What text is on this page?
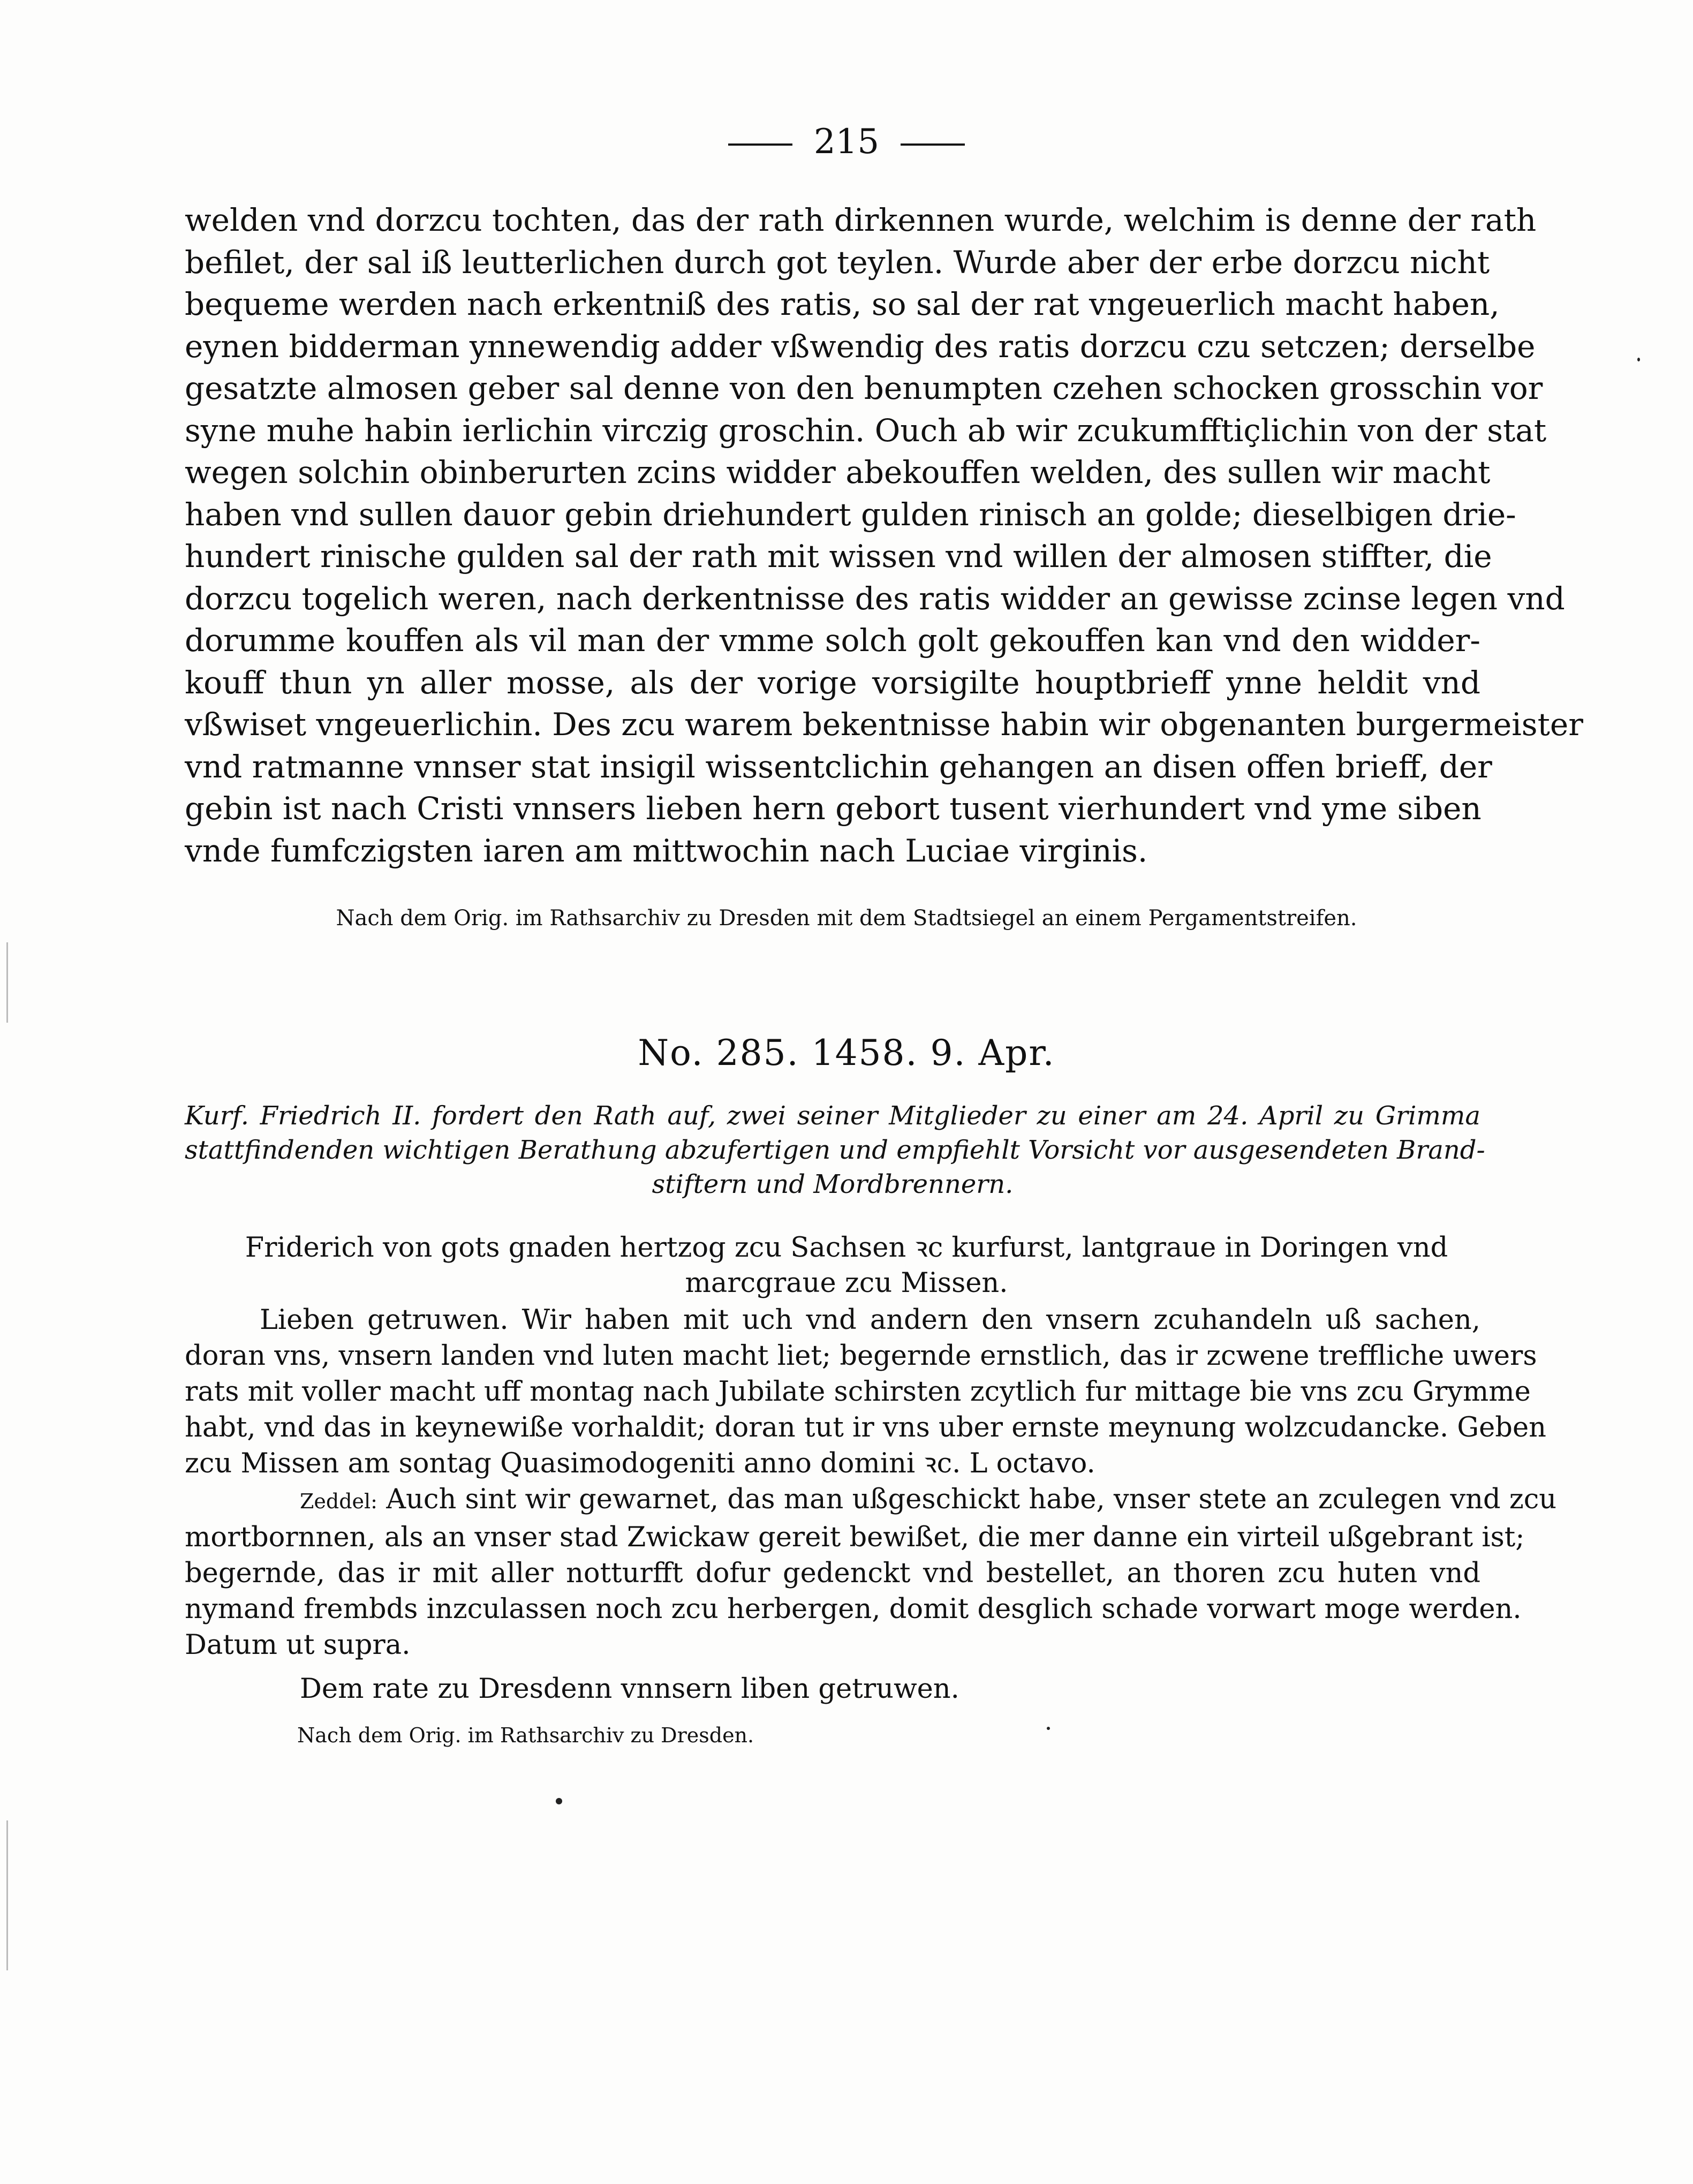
215
welden vnd dorzcu tochten, das der rath dirkennen wurde, welchim is denne der rath
befilet, der sal iß leutterlichen durch got teylen. Wurde aber der erbe dorzcu nicht
bequeme werden nach erkentniß des ratis, so sal der rat vngeuerlich macht haben,
eynen bidderman ynnewendig adder vßwendig des ratis dorzcu czu setczen; derselbe
gesatzte almosen geber sal denne von den benumpten czehen schocken grosschin vor
syne muhe habin ierlichin virczig groschin. Ouch ab wir zcukumfftiçlichin von der stat
wegen solchin obinberurten zcins widder abekouffen welden, des sullen wir macht
haben vnd sullen dauor gebin driehundert gulden rinisch an golde; dieselbigen drie-
hundert rinische gulden sal der rath mit wissen vnd willen der almosen stiffter, die
dorzcu togelich weren, nach derkentnisse des ratis widder an gewisse zcinse legen vnd
dorumme kouffen als vil man der vmme solch golt gekouffen kan vnd den widder-
kouff thun yn aller mosse, als der vorige vorsigilte houptbrieff ynne heldit vnd
vßwiset vngeuerlichin. Des zcu warem bekentnisse habin wir obgenanten burgermeister
vnd ratmanne vnnser stat insigil wissentclichin gehangen an disen offen brieff, der
gebin ist nach Cristi vnnsers lieben hern gebort tusent vierhundert vnd yme siben
vnde fumfczigsten iaren am mittwochin nach Luciae virginis.
Nach dem Orig. im Rathsarchiv zu Dresden mit dem Stadtsiegel an einem Pergamentstreifen.
No. 285. 1458. 9. Apr.
Kurf. Friedrich II. fordert den Rath auf, zwei seiner Mitglieder zu einer am 24. April zu Grimma
stattfindenden wichtigen Berathung abzufertigen und empfiehlt Vorsicht vor ausgesendeten Brand-
stiftern und Mordbrennern.
Friderich von gots gnaden hertzog zcu Sachsen ꝛc kurfurst, lantgraue in Doringen vnd
marcgraue zcu Missen.
Lieben getruwen. Wir haben mit uch vnd andern den vnsern zcuhandeln uß sachen,
doran vns, vnsern landen vnd luten macht liet; begernde ernstlich, das ir zcwene treffliche uwers
rats mit voller macht uff montag nach Jubilate schirsten zcytlich fur mittage bie vns zcu Grymme
habt, vnd das in keynewiße vorhaldit; doran tut ir vns uber ernste meynung wolzcudancke. Geben
zcu Missen am sontag Quasimodogeniti anno domini ꝛc. L octavo.
Zeddel: Auch sint wir gewarnet, das man ußgeschickt habe, vnser stete an zculegen vnd zcu
mortbornnen, als an vnser stad Zwickaw gereit bewißet, die mer danne ein virteil ußgebrant ist;
begernde, das ir mit aller notturfft dofur gedenckt vnd bestellet, an thoren zcu huten vnd
nymand frembds inzculassen noch zcu herbergen, domit desglich schade vorwart moge werden.
Datum ut supra.
Dem rate zu Dresdenn vnnsern liben getruwen.
Nach dem Orig. im Rathsarchiv zu Dresden.
